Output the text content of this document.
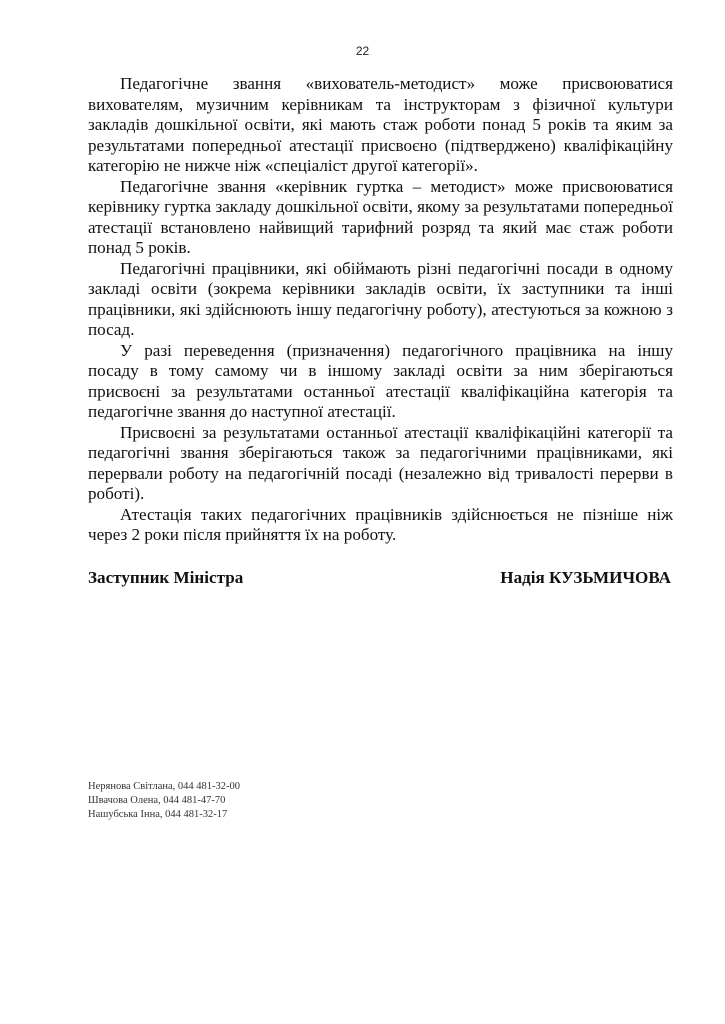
22

Педагогічне звання «вихователь-методист» може присвоюватися вихователям, музичним керівникам та інструкторам з фізичної культури закладів дошкільної освіти, які мають стаж роботи понад 5 років та яким за результатами попередньої атестації присвоєно (підтверджено) кваліфікаційну категорію не нижче ніж «спеціаліст другої категорії».

Педагогічне звання «керівник гуртка – методист» може присвоюватися керівнику гуртка закладу дошкільної освіти, якому за результатами попередньої атестації встановлено найвищий тарифний розряд та який має стаж роботи понад 5 років.

Педагогічні працівники, які обіймають різні педагогічні посади в одному закладі освіти (зокрема керівники закладів освіти, їх заступники та інші працівники, які здійснюють іншу педагогічну роботу), атестуються за кожною з посад.

У разі переведення (призначення) педагогічного працівника на іншу посаду в тому самому чи в іншому закладі освіти за ним зберігаються присвоєні за результатами останньої атестації кваліфікаційна категорія та педагогічне звання до наступної атестації.

Присвоєні за результатами останньої атестації кваліфікаційні категорії та педагогічні звання зберігаються також за педагогічними працівниками, які перервали роботу на педагогічній посаді (незалежно від тривалості перерви в роботі).

Атестація таких педагогічних працівників здійснюється не пізніше ніж через 2 роки після прийняття їх на роботу.

Заступник Міністра	Надія КУЗЬМИЧОВА
Нерянова Світлана, 044 481-32-00
Швачова Олена, 044 481-47-70
Нашубська Інна, 044 481-32-17
